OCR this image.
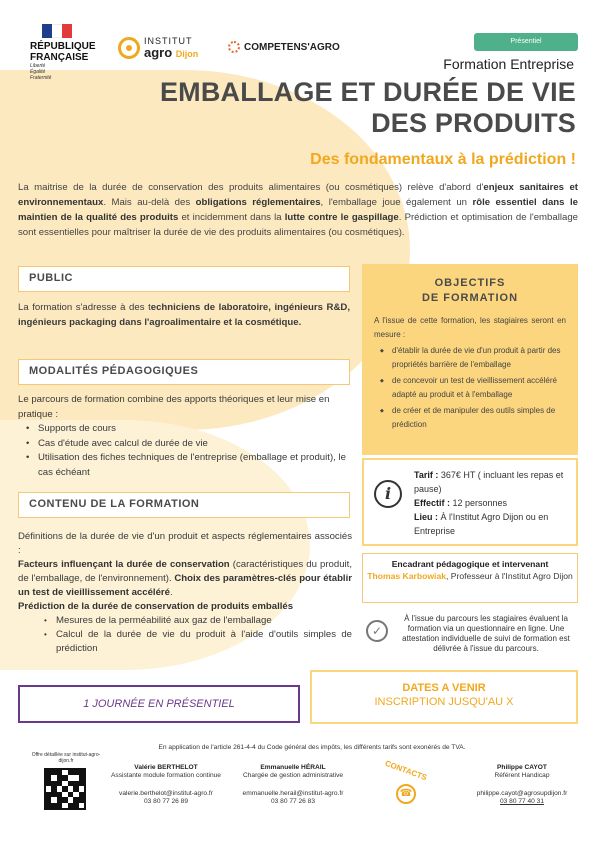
RÉPUBLIQUE
FRANÇAISE
Liberté
Égalité
Fraternité
INSTITUT
agro Dijon
COMPETENS'AGRO	Présentiel
Formation Entreprise
EMBALLAGE ET DURÉE DE VIE
DES PRODUITS
Des fondamentaux à la prédiction !
La maitrise de la durée de conservation des produits alimentaires (ou cosmétiques) relève d'abord d'enjeux sanitaires et environnementaux. Mais au-delà des obligations réglementaires, l'emballage joue également un rôle essentiel dans le maintien de la qualité des produits et incidemment dans la lutte contre le gaspillage. Prédiction et optimisation de l'emballage sont essentielles pour maîtriser la durée de vie des produits alimentaires (ou cosmétiques).
PUBLIC
La formation s'adresse à des techniciens de laboratoire, ingénieurs R&D, ingénieurs packaging dans l'agroalimentaire et la cosmétique.
MODALITÉS PÉDAGOGIQUES
Le parcours de formation combine des apports théoriques et leur mise en pratique :
• Supports de cours
• Cas d'étude avec calcul de durée de vie
• Utilisation des fiches techniques de l'entreprise (emballage et produit), le cas échéant
CONTENU DE LA FORMATION
Définitions de la durée de vie d'un produit et aspects réglementaires associés :
Facteurs influençant la durée de conservation (caractéristiques du produit, de l'emballage, de l'environnement). Choix des paramètres-clés pour établir un test de vieillissement accéléré.
Prédiction de la durée de conservation de produits emballés
• Mesures de la perméabilité aux gaz de l'emballage
• Calcul de la durée de vie du produit à l'aide d'outils simples de prédiction
OBJECTIFS
DE FORMATION
A l'issue de cette formation, les stagiaires seront en mesure :
◆ d'établir la durée de vie d'un produit à partir des propriétés barrière de l'emballage
◆ de concevoir un test de vieillissement accéléré adapté au produit et à l'emballage
◆ de créer et de manipuler des outils simples de prédiction
i
Tarif : 367€ HT ( incluant les repas et pause)
Effectif : 12 personnes
Lieu : À l'Institut Agro Dijon ou en Entreprise
Encadrant pédagogique et intervenant
Thomas Karbowiak, Professeur à l'Institut Agro Dijon
✓
À l'issue du parcours les stagiaires évaluent la formation via un questionnaire en ligne. Une attestation individuelle de suivi de formation est délivrée à l'issue du parcours.
1 JOURNÉE EN PRÉSENTIEL
DATES A VENIR
INSCRIPTION JUSQU'AU X
En application de l'article 261-4-4 du Code général des impôts, les différents tarifs sont exonérés de TVA.
Offre détaillée sur institut-agro-dijon.fr
Valérie BERTHELOT
Assistante module formation continue
valerie.berthelot@institut-agro.fr
03 80 77 26 89
Emmanuelle HÉRAIL
Chargée de gestion administrative
emmanuelle.herail@institut-agro.fr
03 80 77 26 83
CONTACTS
☎
Philippe CAYOT
Référent Handicap
philippe.cayot@agrosupdijon.fr
03 80 77 40 31
